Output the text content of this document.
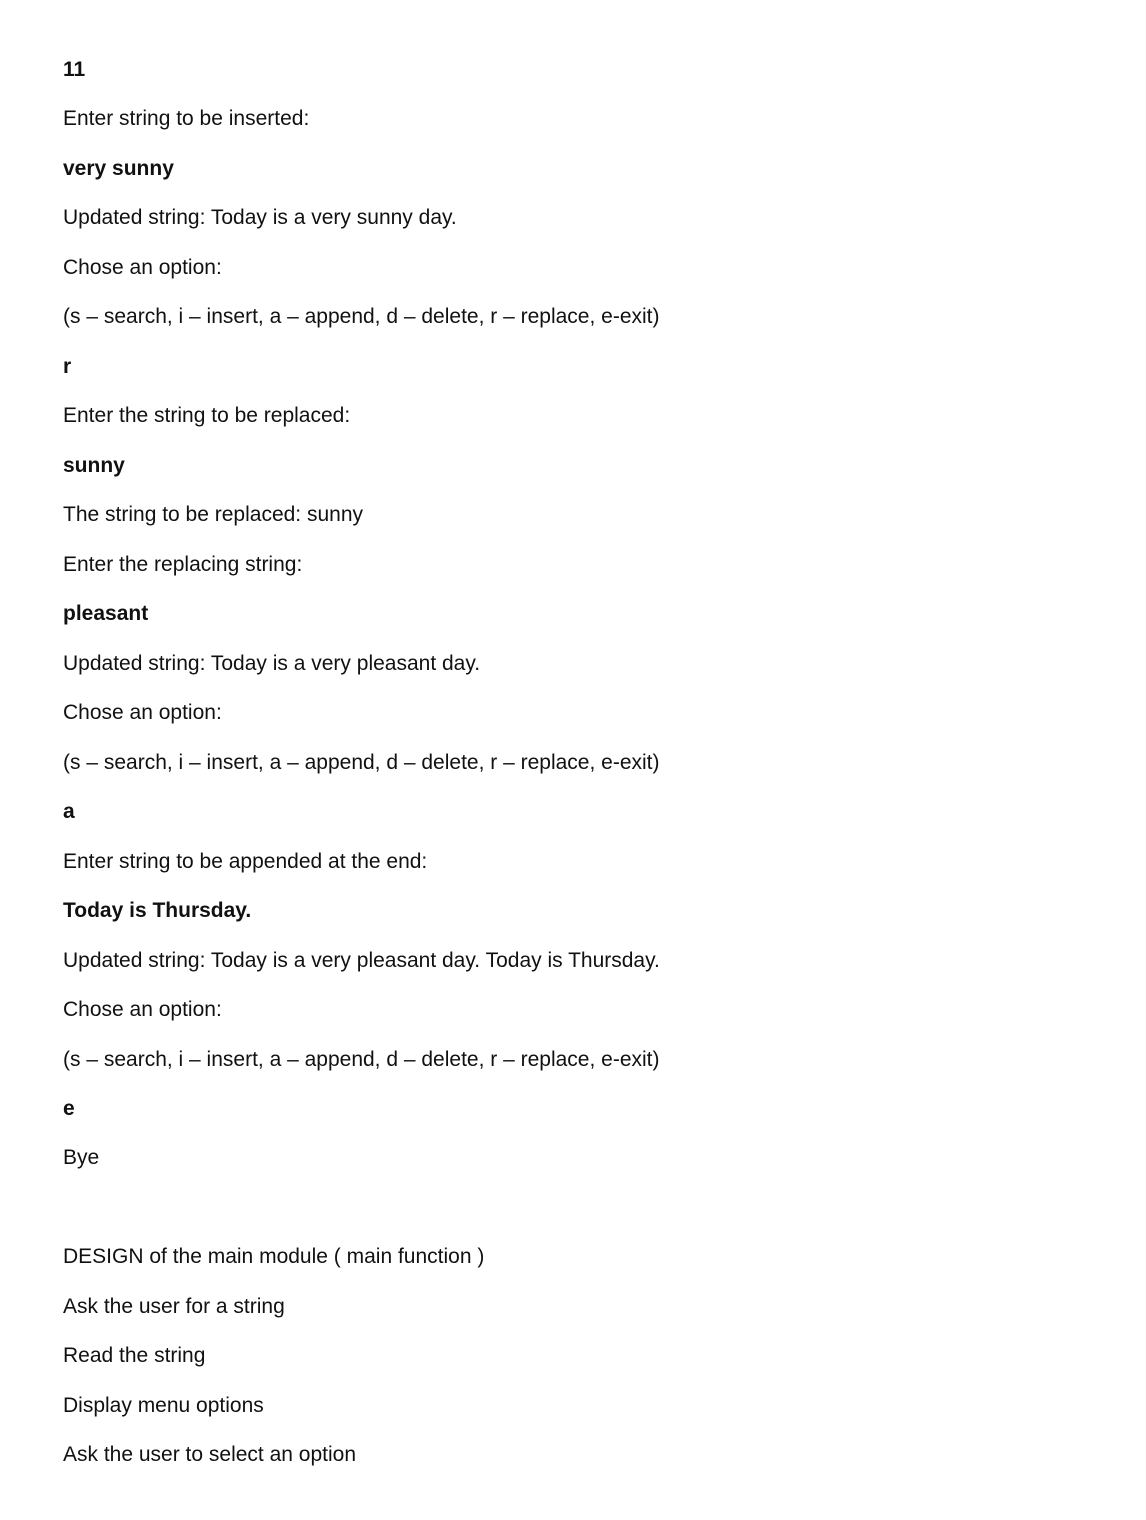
11
Enter string to be inserted:
very sunny
Updated string: Today is a very sunny day.
Chose an option:
(s – search, i – insert, a – append, d – delete, r – replace, e-exit)
r
Enter the string to be replaced:
sunny
The string to be replaced: sunny
Enter the replacing string:
pleasant
Updated string: Today is a very pleasant day.
Chose an option:
(s – search, i – insert, a – append, d – delete, r – replace, e-exit)
a
Enter string to be appended at the end:
Today is Thursday.
Updated string: Today is a very pleasant day. Today is Thursday.
Chose an option:
(s – search, i – insert, a – append, d – delete, r – replace, e-exit)
e
Bye
DESIGN of the main module ( main function )
Ask the user for a string
Read the string
Display menu options
Ask the user to select an option
